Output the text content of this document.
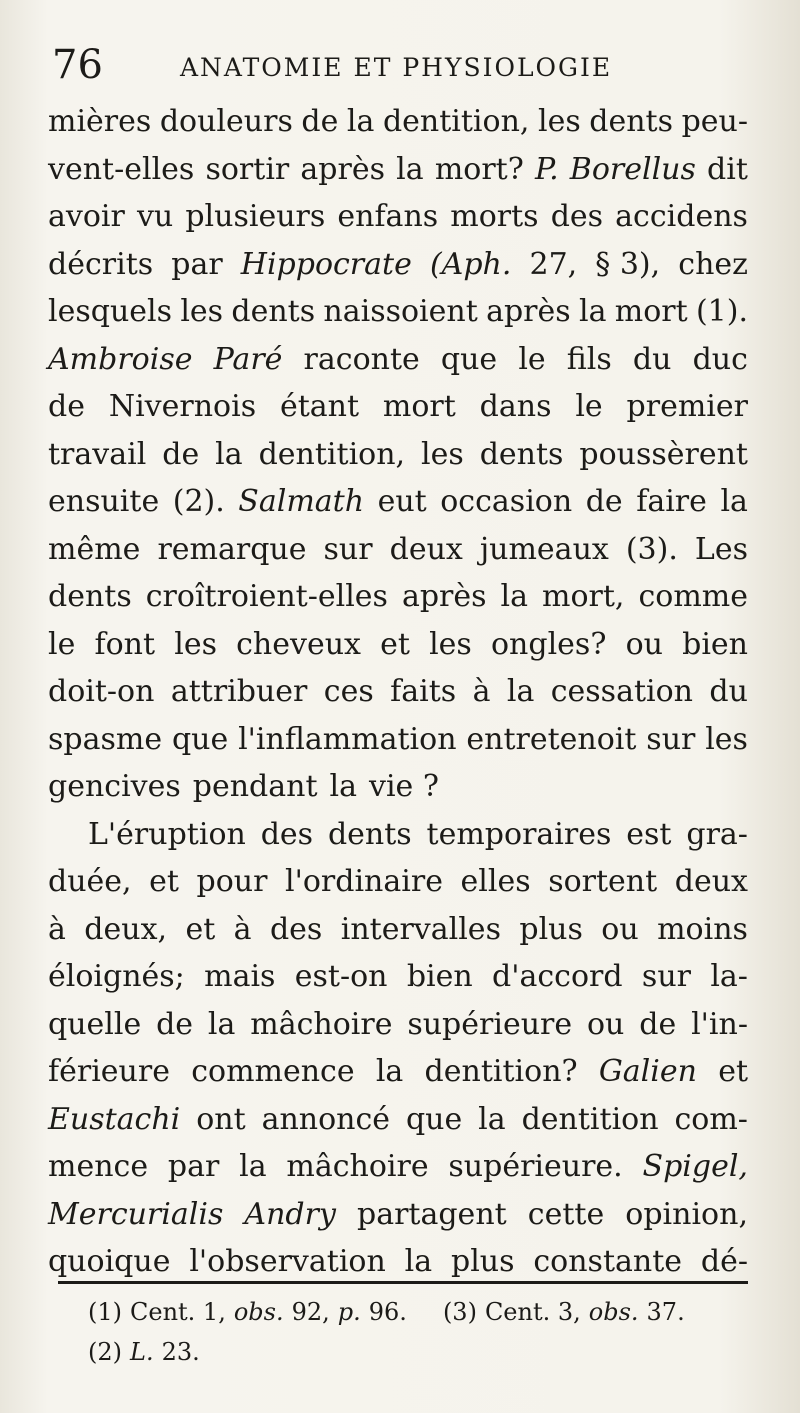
76	ANATOMIE ET PHYSIOLOGIE
mières douleurs de la dentition, les dents peu-
vent-elles sortir après la mort? P. Borellus dit
avoir vu plusieurs enfans morts des accidens
décrits par Hippocrate (Aph. 27, § 3), chez
lesquels les dents naissoient après la mort (1).
Ambroise Paré raconte que le fils du duc
de Nivernois étant mort dans le premier
travail de la dentition, les dents poussèrent
ensuite (2). Salmath eut occasion de faire la
même remarque sur deux jumeaux (3). Les
dents croîtroient-elles après la mort, comme
le font les cheveux et les ongles? ou bien
doit-on attribuer ces faits à la cessation du
spasme que l'inflammation entretenoit sur les
gencives pendant la vie ?
L'éruption des dents temporaires est gra-
duée, et pour l'ordinaire elles sortent deux
à deux, et à des intervalles plus ou moins
éloignés; mais est-on bien d'accord sur la-
quelle de la mâchoire supérieure ou de l'in-
férieure commence la dentition? Galien et
Eustachi ont annoncé que la dentition com-
mence par la mâchoire supérieure. Spigel,
Mercurialis Andry partagent cette opinion,
quoique l'observation la plus constante dé-
(1) Cent. 1, obs. 92, p. 96. (3) Cent. 3, obs. 37.
(2) L. 23.
